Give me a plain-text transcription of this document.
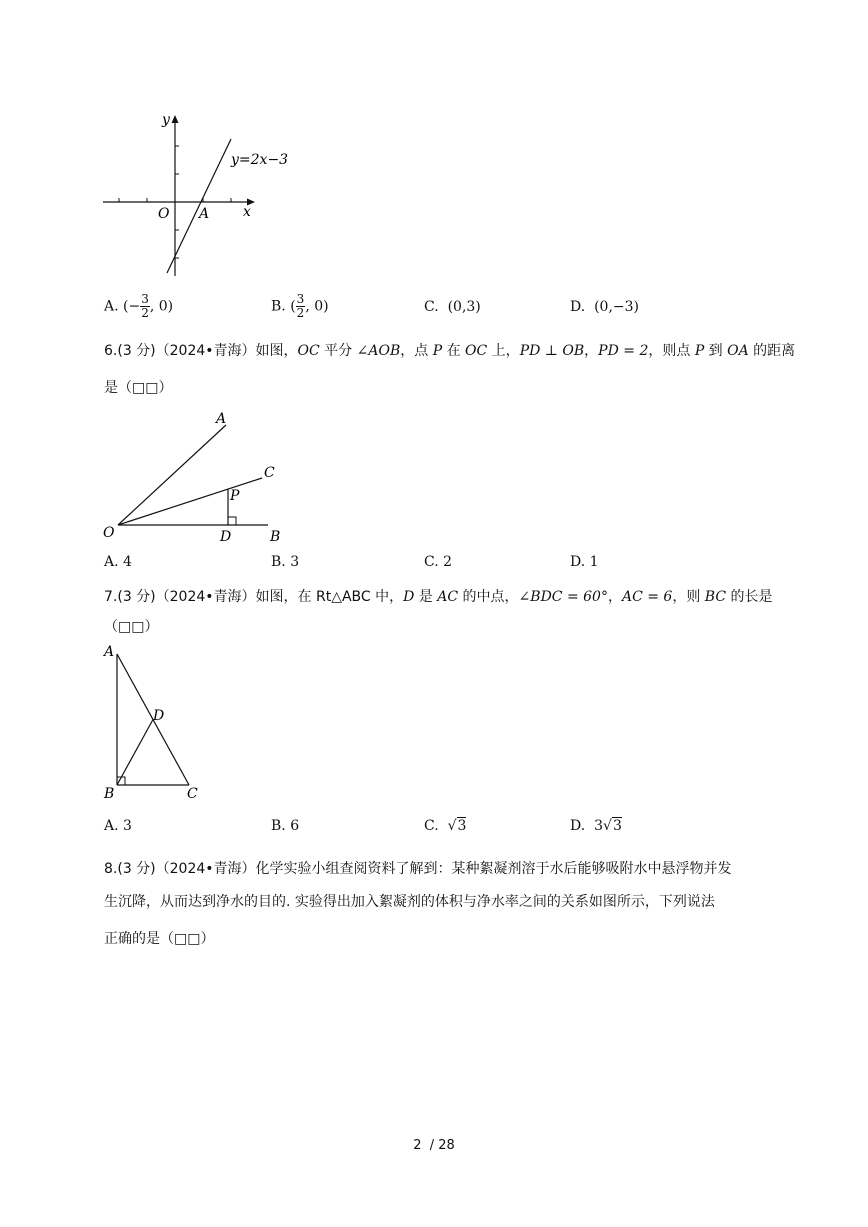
y
x
O A
y=2x−3
A. (− $\frac{3}{2}$ , 0)	B. ( $\frac{3}{2}$ , 0)	C. (0,3)	D. (0,−3)
6.(3 分)（2024•青海）如图，OC 平分 ∠AOB，点 P 在 OC 上，PD ⊥ OB，PD = 2，则点 P 到 OA 的距离
是（□□）
A
C
P
O	D	B
A. 4	B. 3	C. 2	D. 1
7.(3 分)（2024•青海）如图，在 Rt△ABC 中，D 是 AC 的中点，∠BDC = 60°，AC = 6，则 BC 的长是
（□□）
A
D
B	C
A. 3	B. 6	C.  √3	D. 3√3
8.(3 分)（2024•青海）化学实验小组查阅资料了解到：某种絮凝剂溶于水后能够吸附水中悬浮物并发
生沉降，从而达到净水的目的. 实验得出加入絮凝剂的体积与净水率之间的关系如图所示，下列说法
正确的是（□□）
2 / 28
